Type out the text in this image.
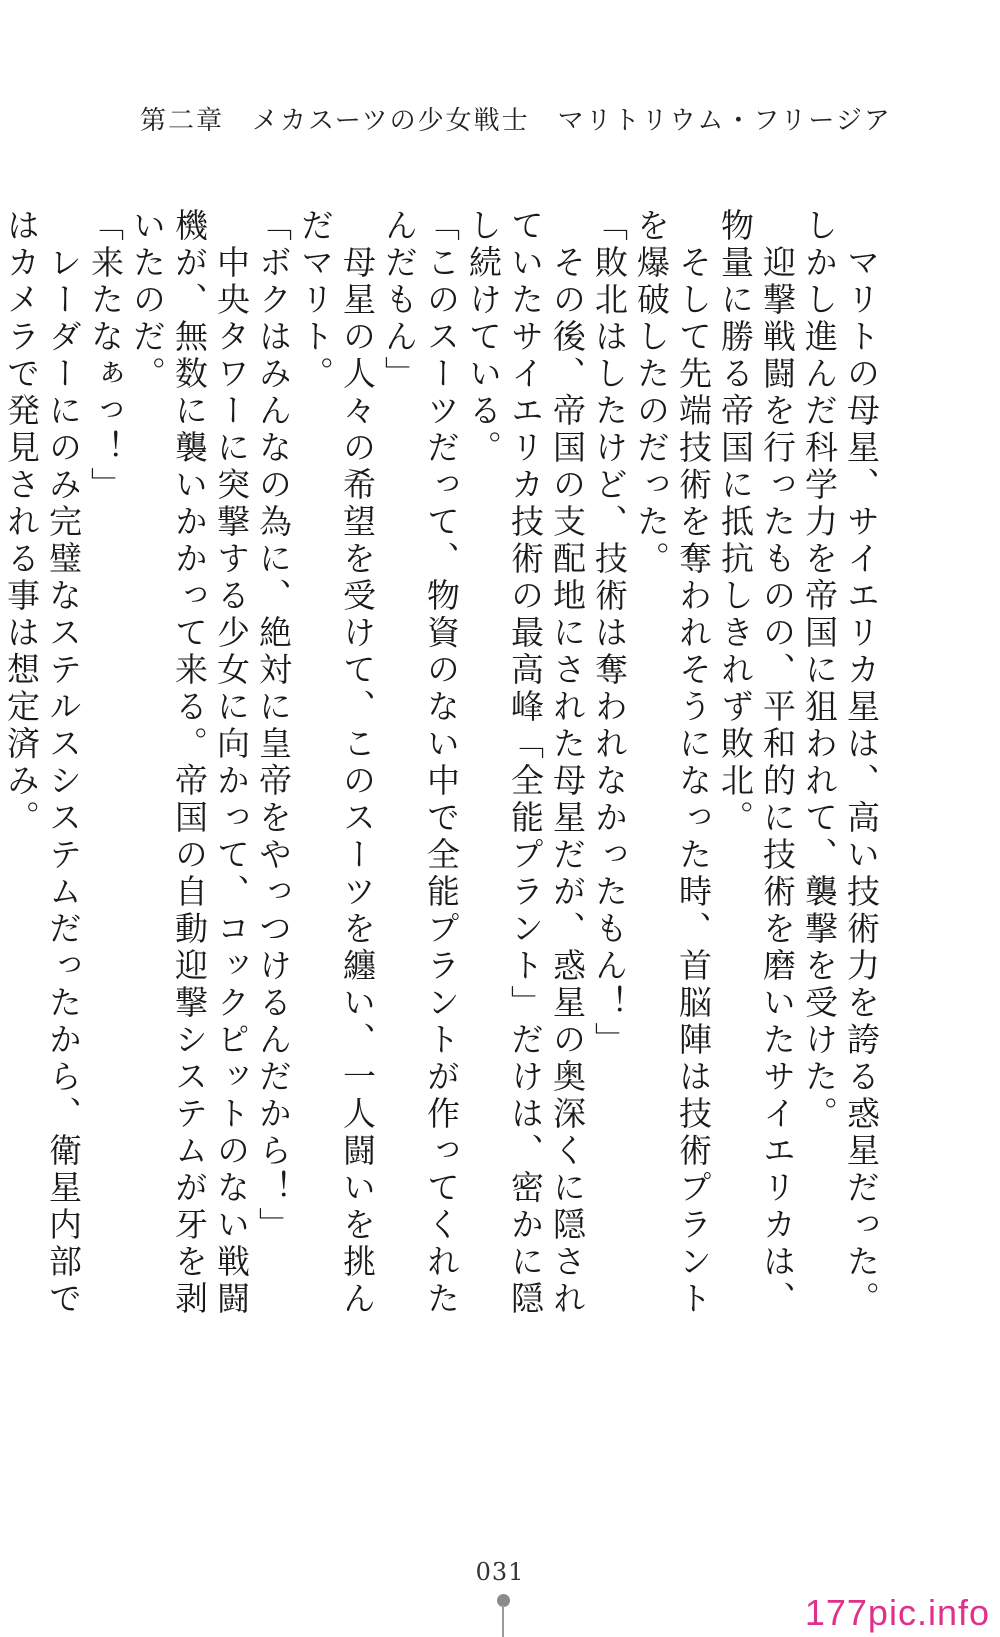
第二章　メカスーツの少女戦士　マリトリウム・フリージア

　マリトの母星、サイエリカ星は、高い技術力を誇る惑星だった。しかし進んだ科学力を帝国に狙われて、襲撃を受けた。

　迎撃戦闘を行ったものの、平和的に技術を磨いたサイエリカは、物量に勝る帝国に抵抗しきれず敗北。

　そして先端技術を奪われそうになった時、首脳陣は技術プラントを爆破したのだった。

「敗北はしたけど、技術は奪われなかったもん！」

　その後、帝国の支配地にされた母星だが、惑星の奥深くに隠されていたサイエリカ技術の最高峰「全能プラント」だけは、密かに隠し続けている。

「このスーツだって、物資のない中で全能プラントが作ってくれたんだもん」

　母星の人々の希望を受けて、このスーツを纏い、一人闘いを挑んだマリト。

「ボクはみんなの為に、絶対に皇帝をやっつけるんだから！」

　中央タワーに突撃する少女に向かって、コックピットのない戦闘機が、無数に襲いかかって来る。帝国の自動迎撃システムが牙を剥いたのだ。

「来たなぁっ！」

　レーダーにのみ完璧なステルスシステムだったから、衛星内部ではカメラで発見される事は想定済み。

031
177pic.info
